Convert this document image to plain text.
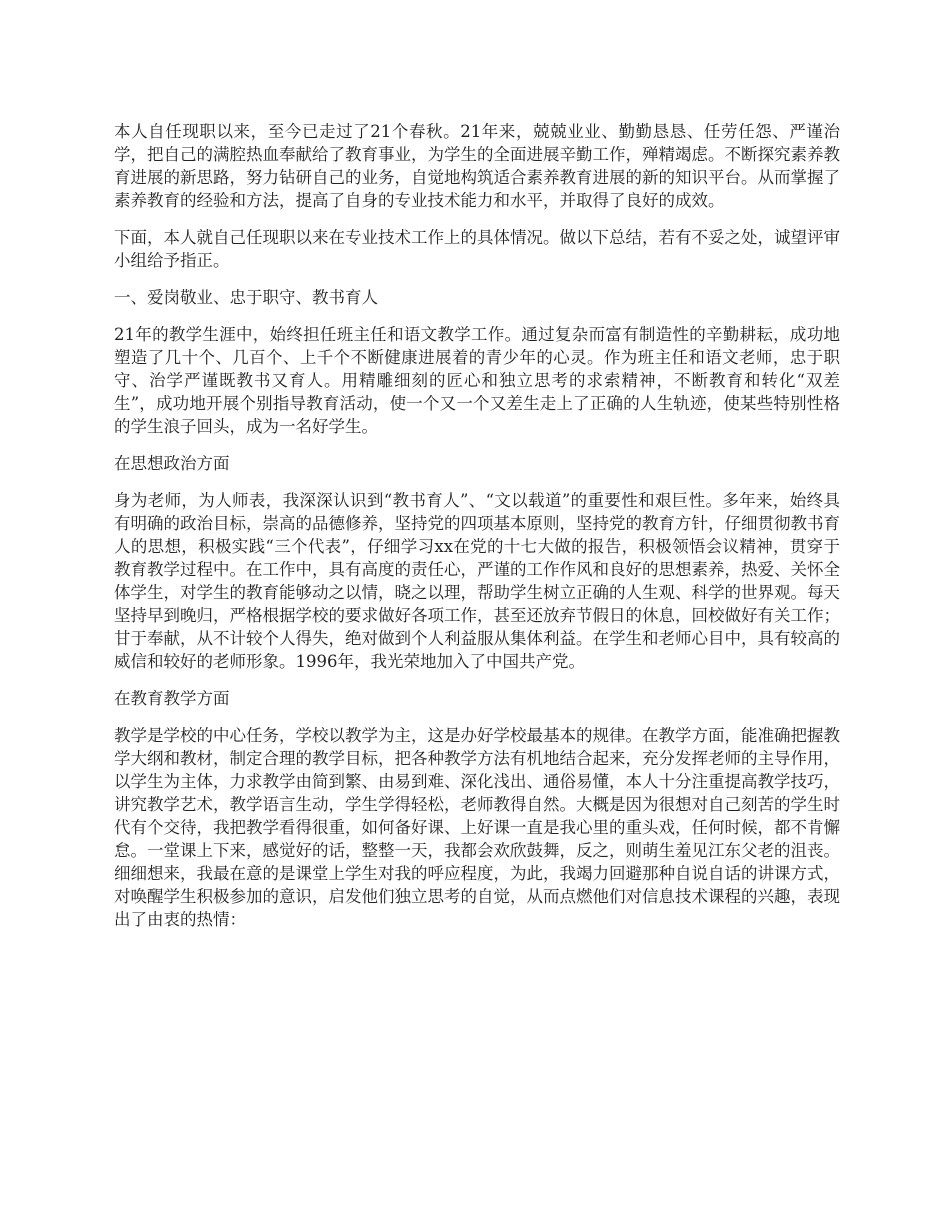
本人自任现职以来，至今已走过了21个春秋。21年来，兢兢业业、勤勤恳恳、任劳任怨、严谨治学，把自己的满腔热血奉献给了教育事业，为学生的全面进展辛勤工作，殚精竭虑。不断探究素养教育进展的新思路，努力钻研自己的业务，自觉地构筑适合素养教育进展的新的知识平台。从而掌握了素养教育的经验和方法，提高了自身的专业技术能力和水平，并取得了良好的成效。

下面，本人就自己任现职以来在专业技术工作上的具体情况。做以下总结，若有不妥之处，诚望评审小组给予指正。

一、爱岗敬业、忠于职守、教书育人

21年的教学生涯中，始终担任班主任和语文教学工作。通过复杂而富有制造性的辛勤耕耘，成功地塑造了几十个、几百个、上千个不断健康进展着的青少年的心灵。作为班主任和语文老师，忠于职守、治学严谨既教书又育人。用精雕细刻的匠心和独立思考的求索精神，不断教育和转化“双差生”，成功地开展个别指导教育活动，使一个又一个又差生走上了正确的人生轨迹，使某些特别性格的学生浪子回头，成为一名好学生。

在思想政治方面

身为老师，为人师表，我深深认识到“教书育人”、“文以载道”的重要性和艰巨性。多年来，始终具有明确的政治目标，崇高的品德修养，坚持党的四项基本原则，坚持党的教育方针，仔细贯彻教书育人的思想，积极实践“三个代表”，仔细学习xx在党的十七大做的报告，积极领悟会议精神，贯穿于教育教学过程中。在工作中，具有高度的责任心，严谨的工作作风和良好的思想素养，热爱、关怀全体学生，对学生的教育能够动之以情，晓之以理，帮助学生树立正确的人生观、科学的世界观。每天坚持早到晚归，严格根据学校的要求做好各项工作，甚至还放弃节假日的休息，回校做好有关工作；甘于奉献，从不计较个人得失，绝对做到个人利益服从集体利益。在学生和老师心目中，具有较高的威信和较好的老师形象。1996年，我光荣地加入了中国共产党。

在教育教学方面

教学是学校的中心任务，学校以教学为主，这是办好学校最基本的规律。在教学方面，能准确把握教学大纲和教材，制定合理的教学目标，把各种教学方法有机地结合起来，充分发挥老师的主导作用，以学生为主体，力求教学由简到繁、由易到难、深化浅出、通俗易懂，本人十分注重提高教学技巧，讲究教学艺术，教学语言生动，学生学得轻松，老师教得自然。大概是因为很想对自己刻苦的学生时代有个交待，我把教学看得很重，如何备好课、上好课一直是我心里的重头戏，任何时候，都不肯懈怠。一堂课上下来，感觉好的话，整整一天，我都会欢欣鼓舞，反之，则萌生羞见江东父老的沮丧。细细想来，我最在意的是课堂上学生对我的呼应程度，为此，我竭力回避那种自说自话的讲课方式，对唤醒学生积极参加的意识，启发他们独立思考的自觉，从而点燃他们对信息技术课程的兴趣，表现出了由衷的热情：
